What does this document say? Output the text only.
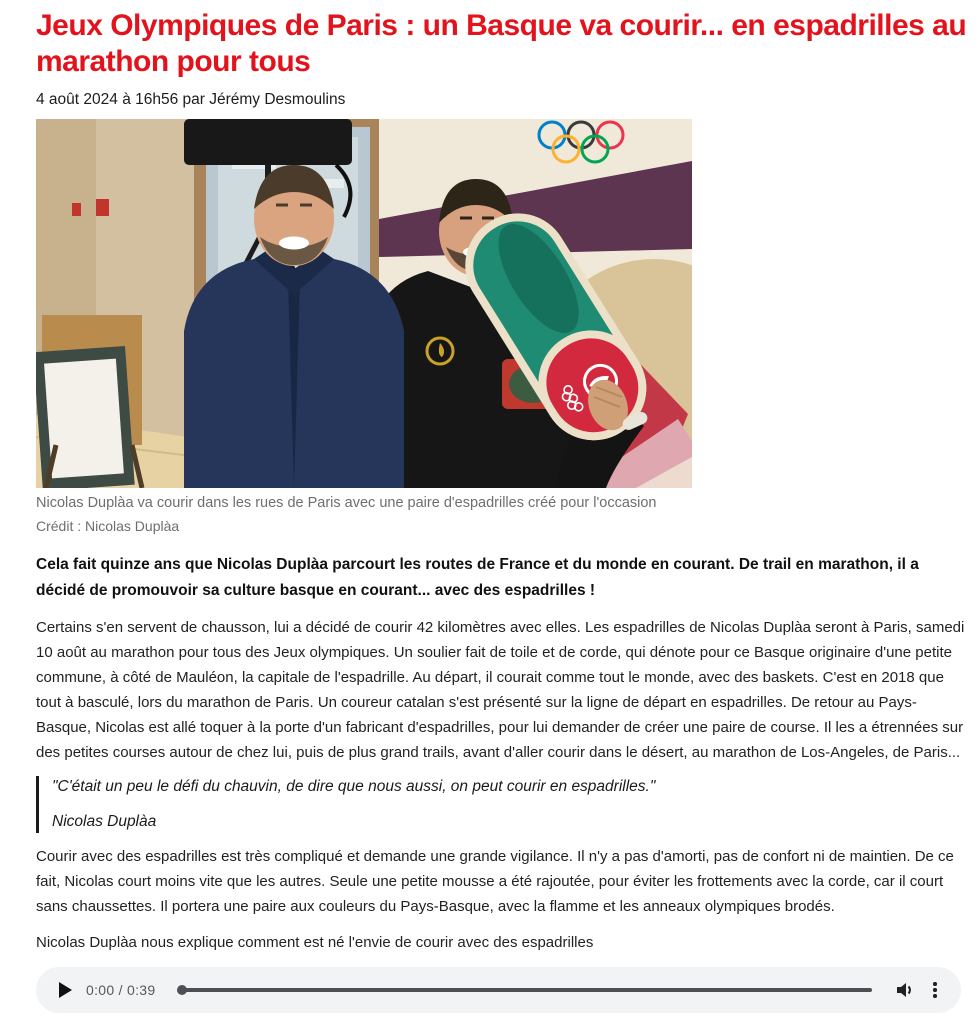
Jeux Olympiques de Paris : un Basque va courir... en espadrilles au marathon pour tous
4 août 2024 à 16h56 par Jérémy Desmoulins
Nicolas Duplàa va courir dans les rues de Paris avec une paire d'espadrilles créé pour l'occasion
Crédit : Nicolas Duplàa

Cela fait quinze ans que Nicolas Duplàa parcourt les routes de France et du monde en courant. De trail en marathon, il a décidé de promouvoir sa culture basque en courant... avec des espadrilles !

Certains s'en servent de chausson, lui a décidé de courir 42 kilomètres avec elles. Les espadrilles de Nicolas Duplàa seront à Paris, samedi 10 août au marathon pour tous des Jeux olympiques. Un soulier fait de toile et de corde, qui dénote pour ce Basque originaire d'une petite commune, à côté de Mauléon, la capitale de l'espadrille. Au départ, il courait comme tout le monde, avec des baskets. C'est en 2018 que tout à basculé, lors du marathon de Paris. Un coureur catalan s'est présenté sur la ligne de départ en espadrilles. De retour au Pays-Basque, Nicolas est allé toquer à la porte d'un fabricant d'espadrilles, pour lui demander de créer une paire de course. Il les a étrennées sur des petites courses autour de chez lui, puis de plus grand trails, avant d'aller courir dans le désert, au marathon de Los-Angeles, de Paris...

"C'était un peu le défi du chauvin, de dire que nous aussi, on peut courir en espadrilles."
Nicolas Duplàa

Courir avec des espadrilles est très compliqué et demande une grande vigilance. Il n'y a pas d'amorti, pas de confort ni de maintien. De ce fait, Nicolas court moins vite que les autres. Seule une petite mousse a été rajoutée, pour éviter les frottements avec la corde, car il court sans chaussettes. Il portera une paire aux couleurs du Pays-Basque, avec la flamme et les anneaux olympiques brodés.

Nicolas Duplàa nous explique comment est né l'envie de courir avec des espadrilles

0:00 / 0:39
